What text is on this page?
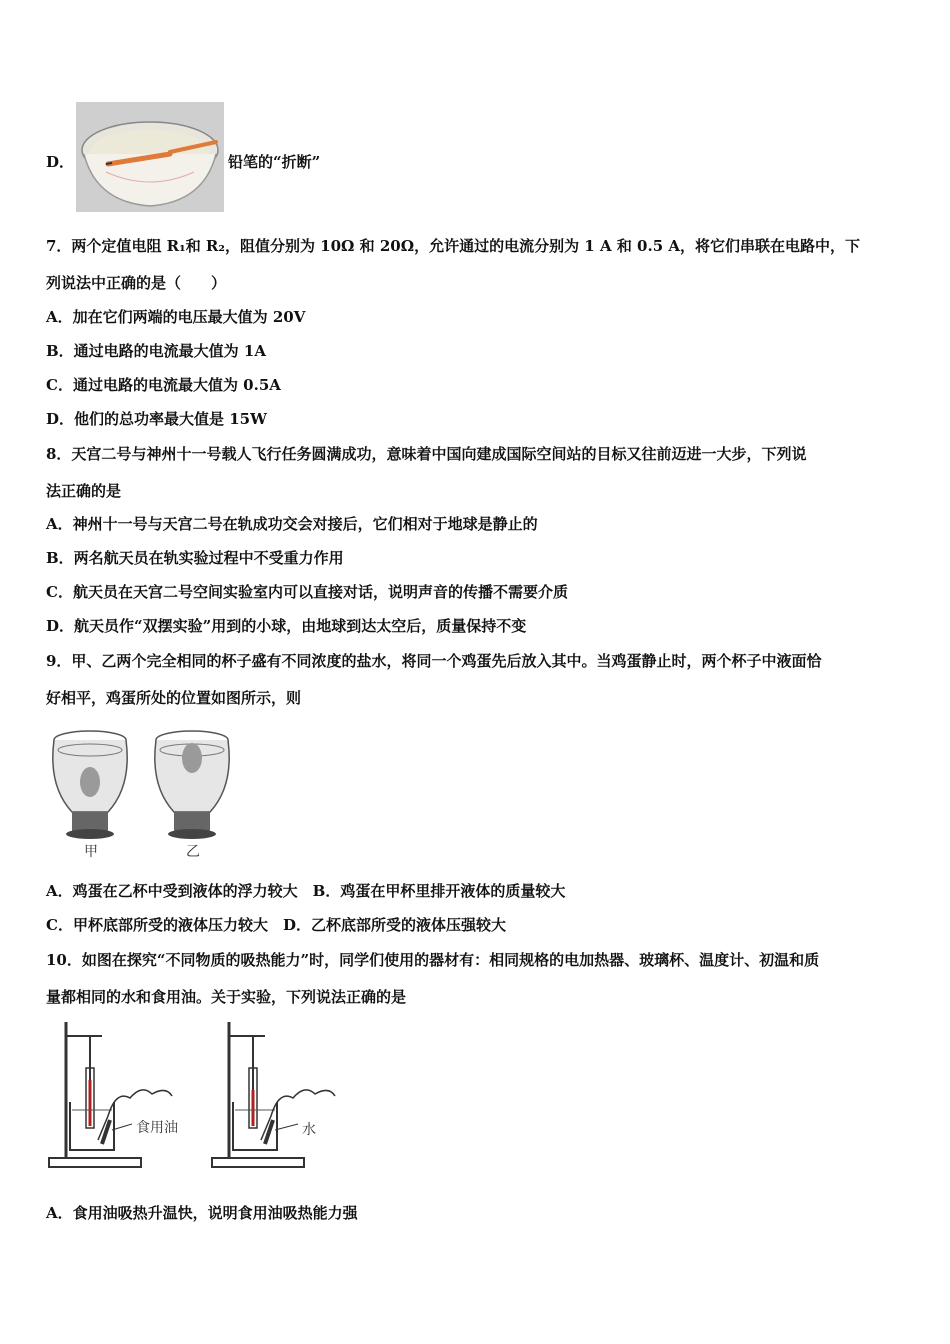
D．	铅笔的“折断”
7．两个定值电阻 R₁和 R₂，阻值分别为 10Ω 和 20Ω，允许通过的电流分别为 1 A 和 0.5 A，将它们串联在电路中，下
列说法中正确的是（　　）
A．加在它们两端的电压最大值为 20V
B．通过电路的电流最大值为 1A
C．通过电路的电流最大值为 0.5A
D．他们的总功率最大值是 15W
8．天宫二号与神州十一号载人飞行任务圆满成功，意味着中国向建成国际空间站的目标又往前迈进一大步，下列说
法正确的是
A．神州十一号与天宫二号在轨成功交会对接后，它们相对于地球是静止的
B．两名航天员在轨实验过程中不受重力作用
C．航天员在天宫二号空间实验室内可以直接对话，说明声音的传播不需要介质
D．航天员作“双摆实验”用到的小球，由地球到达太空后，质量保持不变
9．甲、乙两个完全相同的杯子盛有不同浓度的盐水，将同一个鸡蛋先后放入其中。当鸡蛋静止时，两个杯子中液面恰
好相平，鸡蛋所处的位置如图所示，则
甲	乙
A．鸡蛋在乙杯中受到液体的浮力较大　B．鸡蛋在甲杯里排开液体的质量较大
C．甲杯底部所受的液体压力较大　D．乙杯底部所受的液体压强较大
10．如图在探究“不同物质的吸热能力”时，同学们使用的器材有：相同规格的电加热器、玻璃杯、温度计、初温和质
量都相同的水和食用油。关于实验，下列说法正确的是
食用油	水
A．食用油吸热升温快，说明食用油吸热能力强
